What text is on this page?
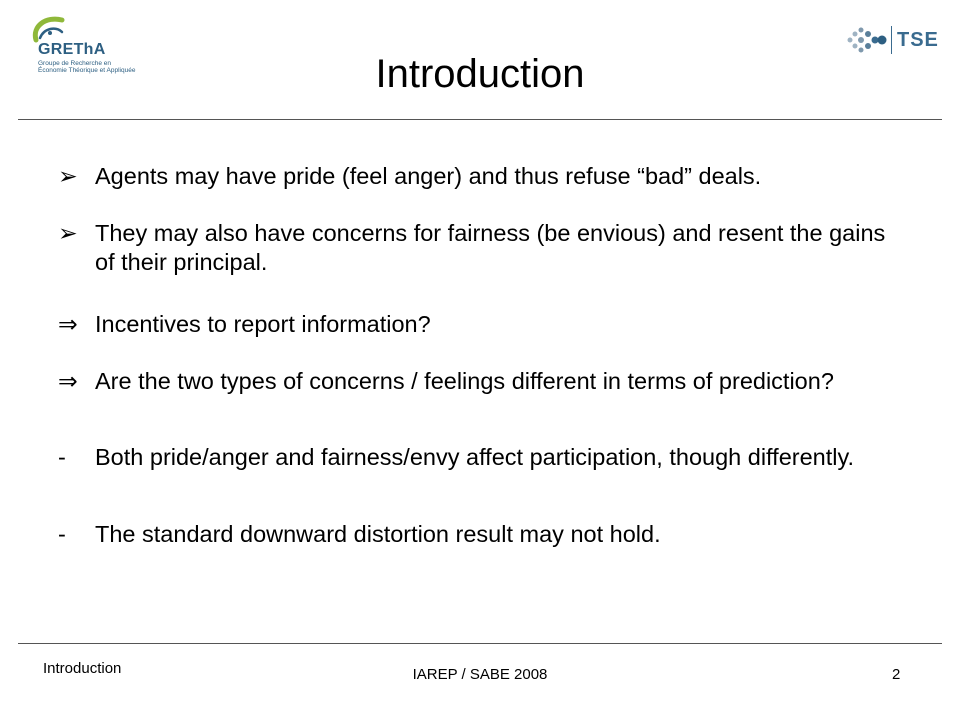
GREThA
Groupe de Recherche en
Économie Théorique et Appliquée
TSE
Introduction
➢ Agents may have pride (feel anger) and thus refuse “bad” deals.
➢ They may also have concerns for fairness (be envious) and resent the gains of their principal.
⇒ Incentives to report information?
⇒ Are the two types of concerns / feelings different in terms of prediction?
-	Both pride/anger and fairness/envy affect participation, though differently.
-	The standard downward distortion result may not hold.
Introduction	IAREP / SABE 2008	2
